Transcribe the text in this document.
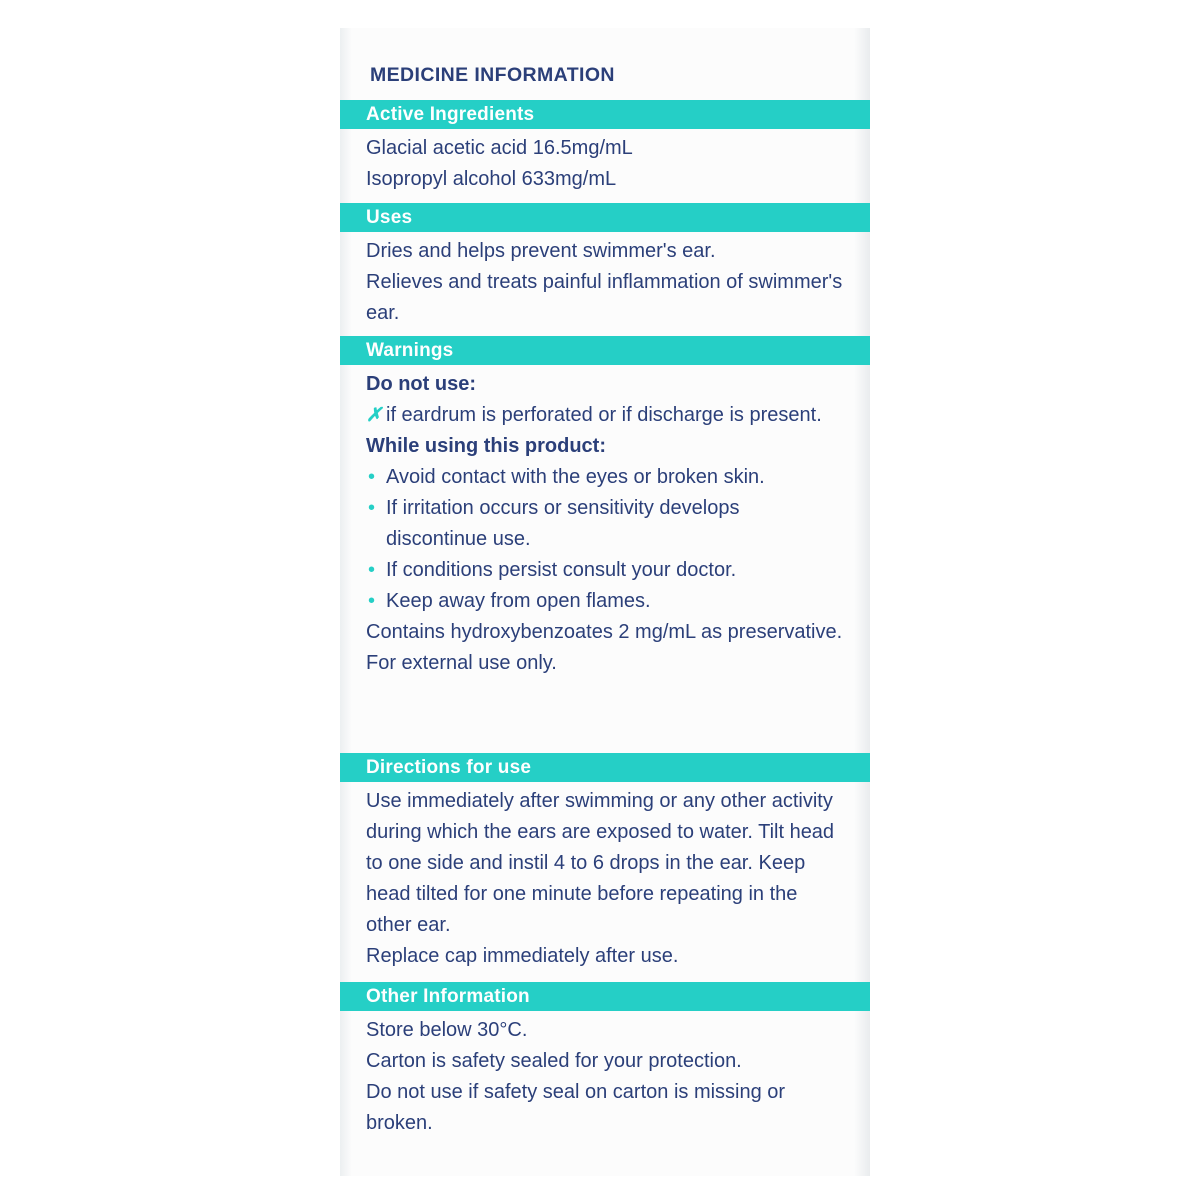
MEDICINE INFORMATION
Active Ingredients

Glacial acetic acid 16.5mg/mL

Isopropyl alcohol 633mg/mL

Uses

Dries and helps prevent swimmer's ear.

Relieves and treats painful inflammation of swimmer's ear.

Warnings

Do not use:

✗ if eardrum is perforated or if discharge is present.

While using this product:

• Avoid contact with the eyes or broken skin.
• If irritation occurs or sensitivity develops discontinue use.
• If conditions persist consult your doctor.
• Keep away from open flames.

Contains hydroxybenzoates 2 mg/mL as preservative.

For external use only.

Directions for use

Use immediately after swimming or any other activity during which the ears are exposed to water. Tilt head to one side and instil 4 to 6 drops in the ear. Keep head tilted for one minute before repeating in the other ear.

Replace cap immediately after use.

Other Information

Store below 30°C.

Carton is safety sealed for your protection.

Do not use if safety seal on carton is missing or broken.
